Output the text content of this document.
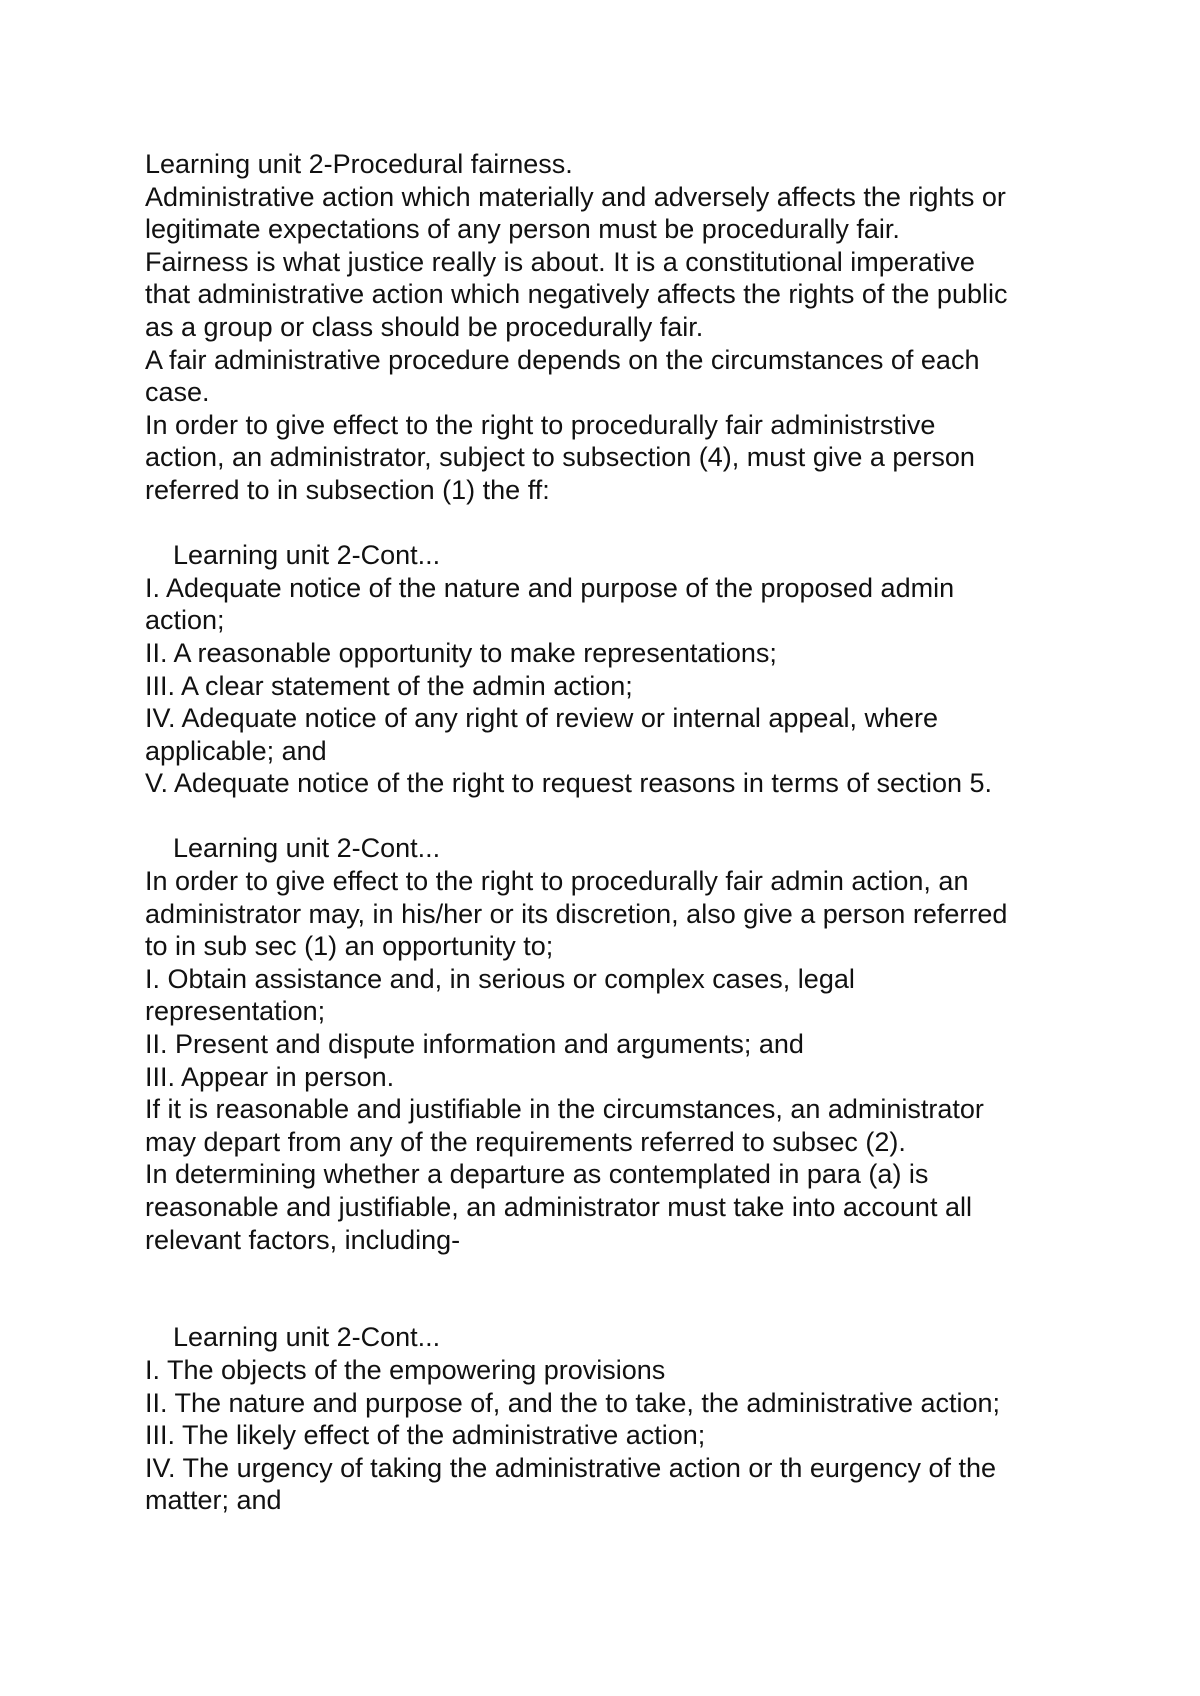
Learning unit 2-Procedural fairness.
Administrative action which materially and adversely affects the rights or
legitimate expectations of any person must be procedurally fair.
Fairness is what justice really is about. It is a constitutional imperative
that administrative action which negatively affects the rights of the public
as a group or class should be procedurally fair.
A fair administrative procedure depends on the circumstances of each
case.
In order to give effect to the right to procedurally fair administrstive
action, an administrator, subject to subsection (4), must give a person
referred to in subsection (1) the ff:
Learning unit 2-Cont...
I. Adequate notice of the nature and purpose of the proposed admin
action;
II. A reasonable opportunity to make representations;
III. A clear statement of the admin action;
IV. Adequate notice of any right of review or internal appeal, where
applicable; and
V. Adequate notice of the right to request reasons in terms of section 5.
Learning unit 2-Cont...
In order to give effect to the right to procedurally fair admin action, an
administrator may, in his/her or its discretion, also give a person referred
to in sub sec (1) an opportunity to;
I. Obtain assistance and, in serious or complex cases, legal
representation;
II. Present and dispute information and arguments; and
III. Appear in person.
If it is reasonable and justifiable in the circumstances, an administrator
may depart from any of the requirements referred to subsec (2).
In determining whether a departure as contemplated in para (a) is
reasonable and justifiable, an administrator must take into account all
relevant factors, including-
Learning unit 2-Cont...
I. The objects of the empowering provisions
II. The nature and purpose of, and the to take, the administrative action;
III. The likely effect of the administrative action;
IV. The urgency of taking the administrative action or th eurgency of the
matter; and
